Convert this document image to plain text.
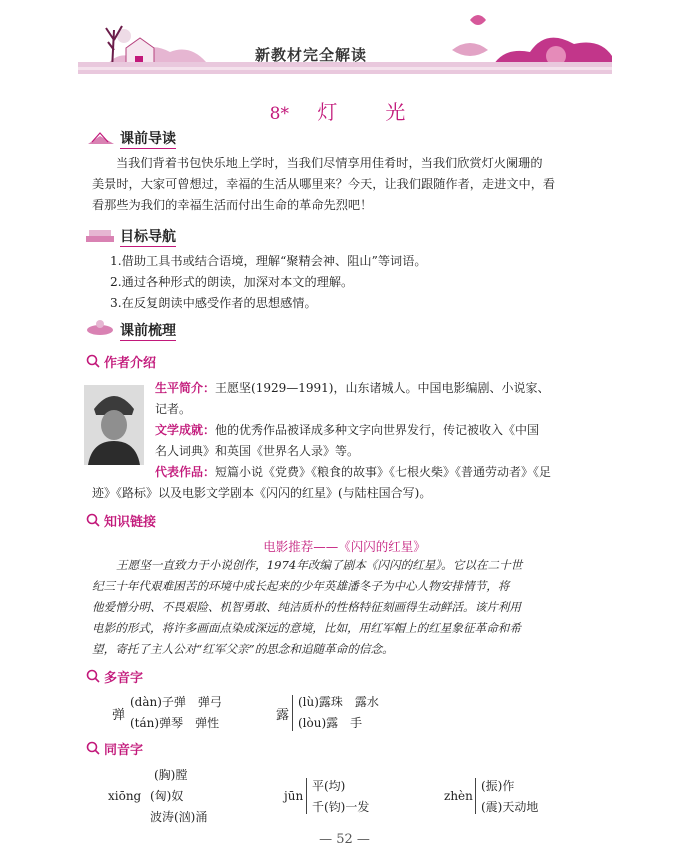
新教材完全解读
8* 灯　光
课前导读
当我们背着书包快乐地上学时，当我们尽情享用佳肴时，当我们欣赏灯火阑珊的
美景时，大家可曾想过，幸福的生活从哪里来？今天，让我们跟随作者，走进文中，看
看那些为我们的幸福生活而付出生命的革命先烈吧！
目标导航
1.借助工具书或结合语境，理解“聚精会神、阻山”等词语。
2.通过各种形式的朗读，加深对本文的理解。
3.在反复朗读中感受作者的思想感情。
课前梳理
作者介绍
生平简介：王愿坚(1929—1991)，山东诸城人。中国电影编剧、小说家、
记者。
文学成就：他的优秀作品被译成多种文字向世界发行，传记被收入《中国
名人词典》和英国《世界名人录》等。
代表作品：短篇小说《党费》《粮食的故事》《七根火柴》《普通劳动者》《足
迹》《路标》以及电影文学剧本《闪闪的红星》(与陆柱国合写)。
知识链接
电影推荐——《闪闪的红星》
王愿坚一直致力于小说创作，1974年改编了剧本《闪闪的红星》。它以在二十世
纪三十年代艰难困苦的环境中成长起来的少年英雄潘冬子为中心人物安排情节，将
他爱憎分明、不畏艰险、机智勇敢、纯洁质朴的性格特征刻画得生动鲜活。该片利用
电影的形式，将许多画面点染成深远的意境，比如，用红军帽上的红星象征革命和希
望，寄托了主人公对“红军父亲”的思念和追随革命的信念。
多音字
弹
(dàn)子弹　弹弓
(tán)弹琴　弹性	露
(lù)露珠　露水
(lòu)露　手
同音字
xiōng
(胸)膛
(匈)奴
波涛(汹)涌
jūn
平(均)
千(钧)一发
zhèn
(振)作
(震)天动地
— 52 —
